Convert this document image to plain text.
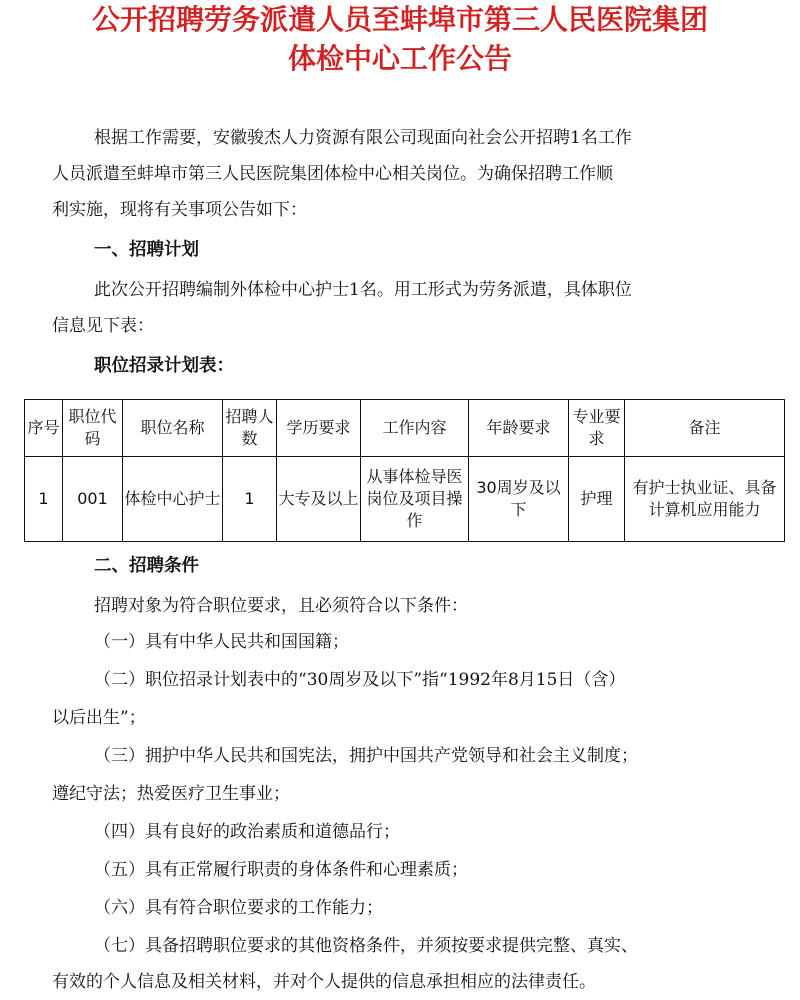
公开招聘劳务派遣人员至蚌埠市第三人民医院集团
体检中心工作公告
根据工作需要，安徽骏杰人力资源有限公司现面向社会公开招聘1名工作
人员派遣至蚌埠市第三人民医院集团体检中心相关岗位。为确保招聘工作顺
利实施，现将有关事项公告如下：
一、招聘计划
此次公开招聘编制外体检中心护士1名。用工形式为劳务派遣，具体职位
信息见下表：
职位招录计划表：
序号	职位代码	职位名称	招聘人数	学历要求	工作内容	年龄要求	专业要求	备注
1	001	体检中心护士	1	大专及以上	从事体检导医岗位及项目操作	30周岁及以下	护理	有护士执业证、具备计算机应用能力
二、招聘条件
招聘对象为符合职位要求，且必须符合以下条件：
（一）具有中华人民共和国国籍；
（二）职位招录计划表中的“30周岁及以下”指“1992年8月15日（含）
以后出生”；
（三）拥护中华人民共和国宪法，拥护中国共产党领导和社会主义制度；
遵纪守法；热爱医疗卫生事业；
（四）具有良好的政治素质和道德品行；
（五）具有正常履行职责的身体条件和心理素质；
（六）具有符合职位要求的工作能力；
（七）具备招聘职位要求的其他资格条件，并须按要求提供完整、真实、
有效的个人信息及相关材料，并对个人提供的信息承担相应的法律责任。
